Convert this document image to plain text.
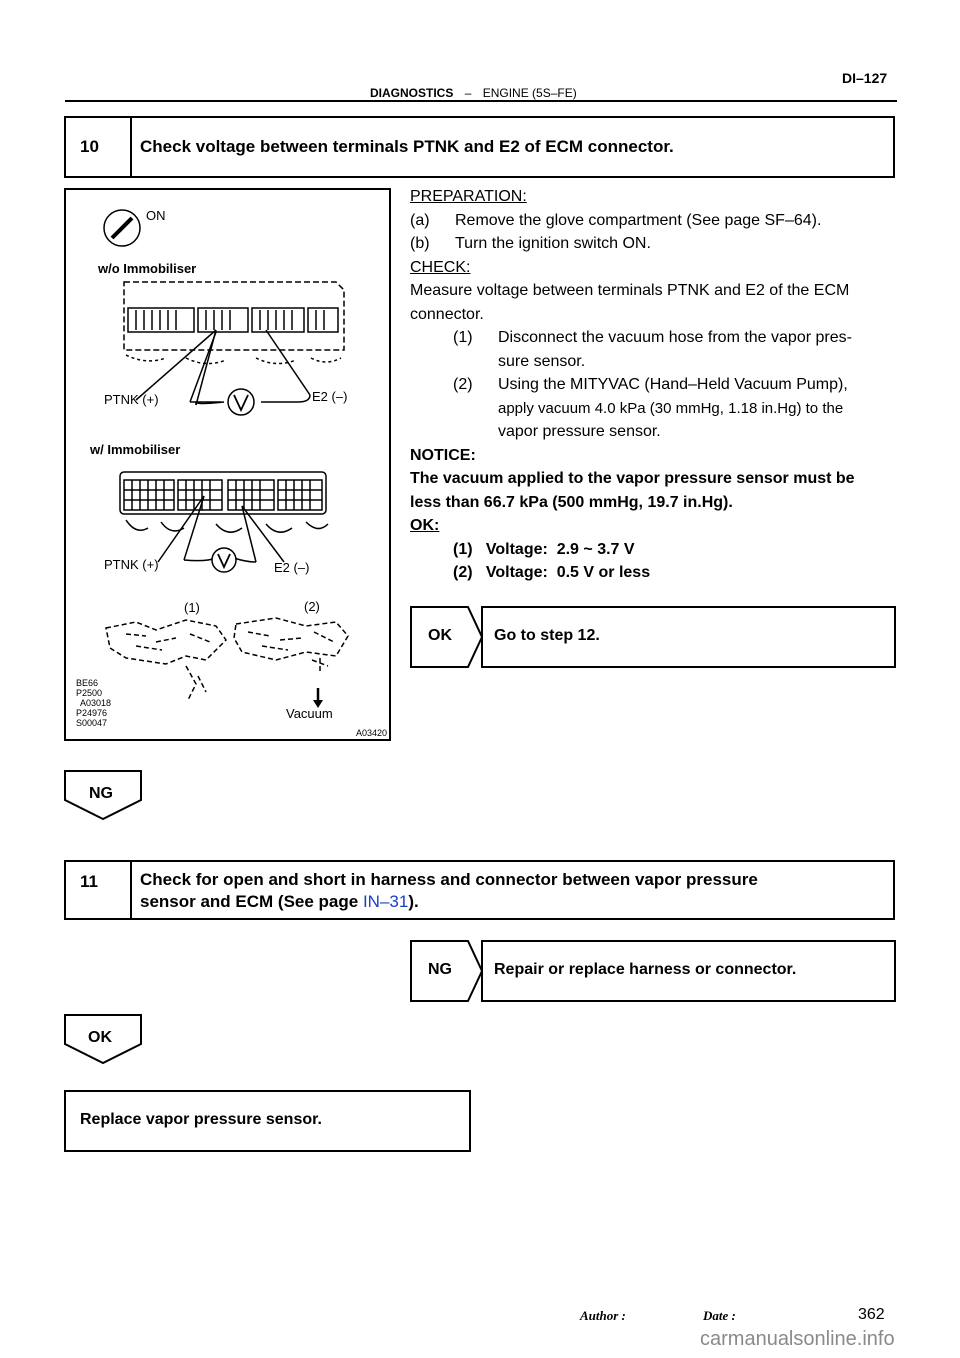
DIAGNOSTICS – ENGINE (5S–FE)
DI–127
10 Check voltage between terminals PTNK and E2 of ECM connector.
ON
w/o Immobiliser
PTNK (+)	E2 (–)
w/ Immobiliser
PTNK (+)	E2 (–)
(1)	(2)
Vacuum
A03420
BE66
P2500
A03018
P24976
S00047
PREPARATION:
(a) Remove the glove compartment (See page SF–64).
(b) Turn the ignition switch ON.
CHECK:
Measure voltage between terminals PTNK and E2 of the ECM
connector.
(1) Disconnect the vacuum hose from the vapor pres-
sure sensor.
(2) Using the MITYVAC (Hand–Held Vacuum Pump),
apply vacuum 4.0 kPa (30 mmHg, 1.18 in.Hg) to the
vapor pressure sensor.
NOTICE:
The vacuum applied to the vapor pressure sensor must be
less than 66.7 kPa (500 mmHg, 19.7 in.Hg).
OK:
(1)   Voltage:  2.9 ~ 3.7 V
(2)   Voltage:  0.5 V or less
OK	Go to step 12.
NG
11 Check for open and short in harness and connector between vapor pressure
sensor and ECM (See page IN–31).
NG	Repair or replace harness or connector.
OK
Replace vapor pressure sensor.
Author :	Date :	362
carmanualsonline.info
